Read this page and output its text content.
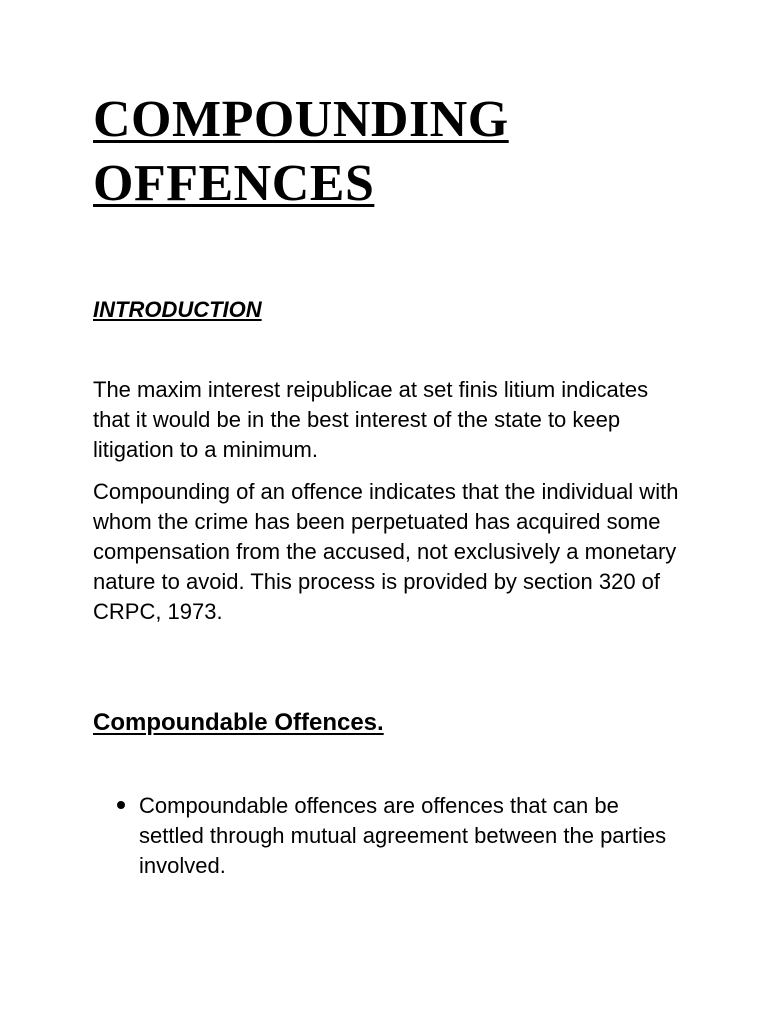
COMPOUNDING
OFFENCES
INTRODUCTION

The maxim interest reipublicae at set finis litium indicates that it would be in the best interest of the state to keep litigation to a minimum.

Compounding of an offence indicates that the individual with whom the crime has been perpetuated has acquired some compensation from the accused, not exclusively a monetary nature to avoid. This process is provided by section 320 of CRPC, 1973.

Compoundable Offences.
Compoundable offences are offences that can be settled through mutual agreement between the parties involved.
